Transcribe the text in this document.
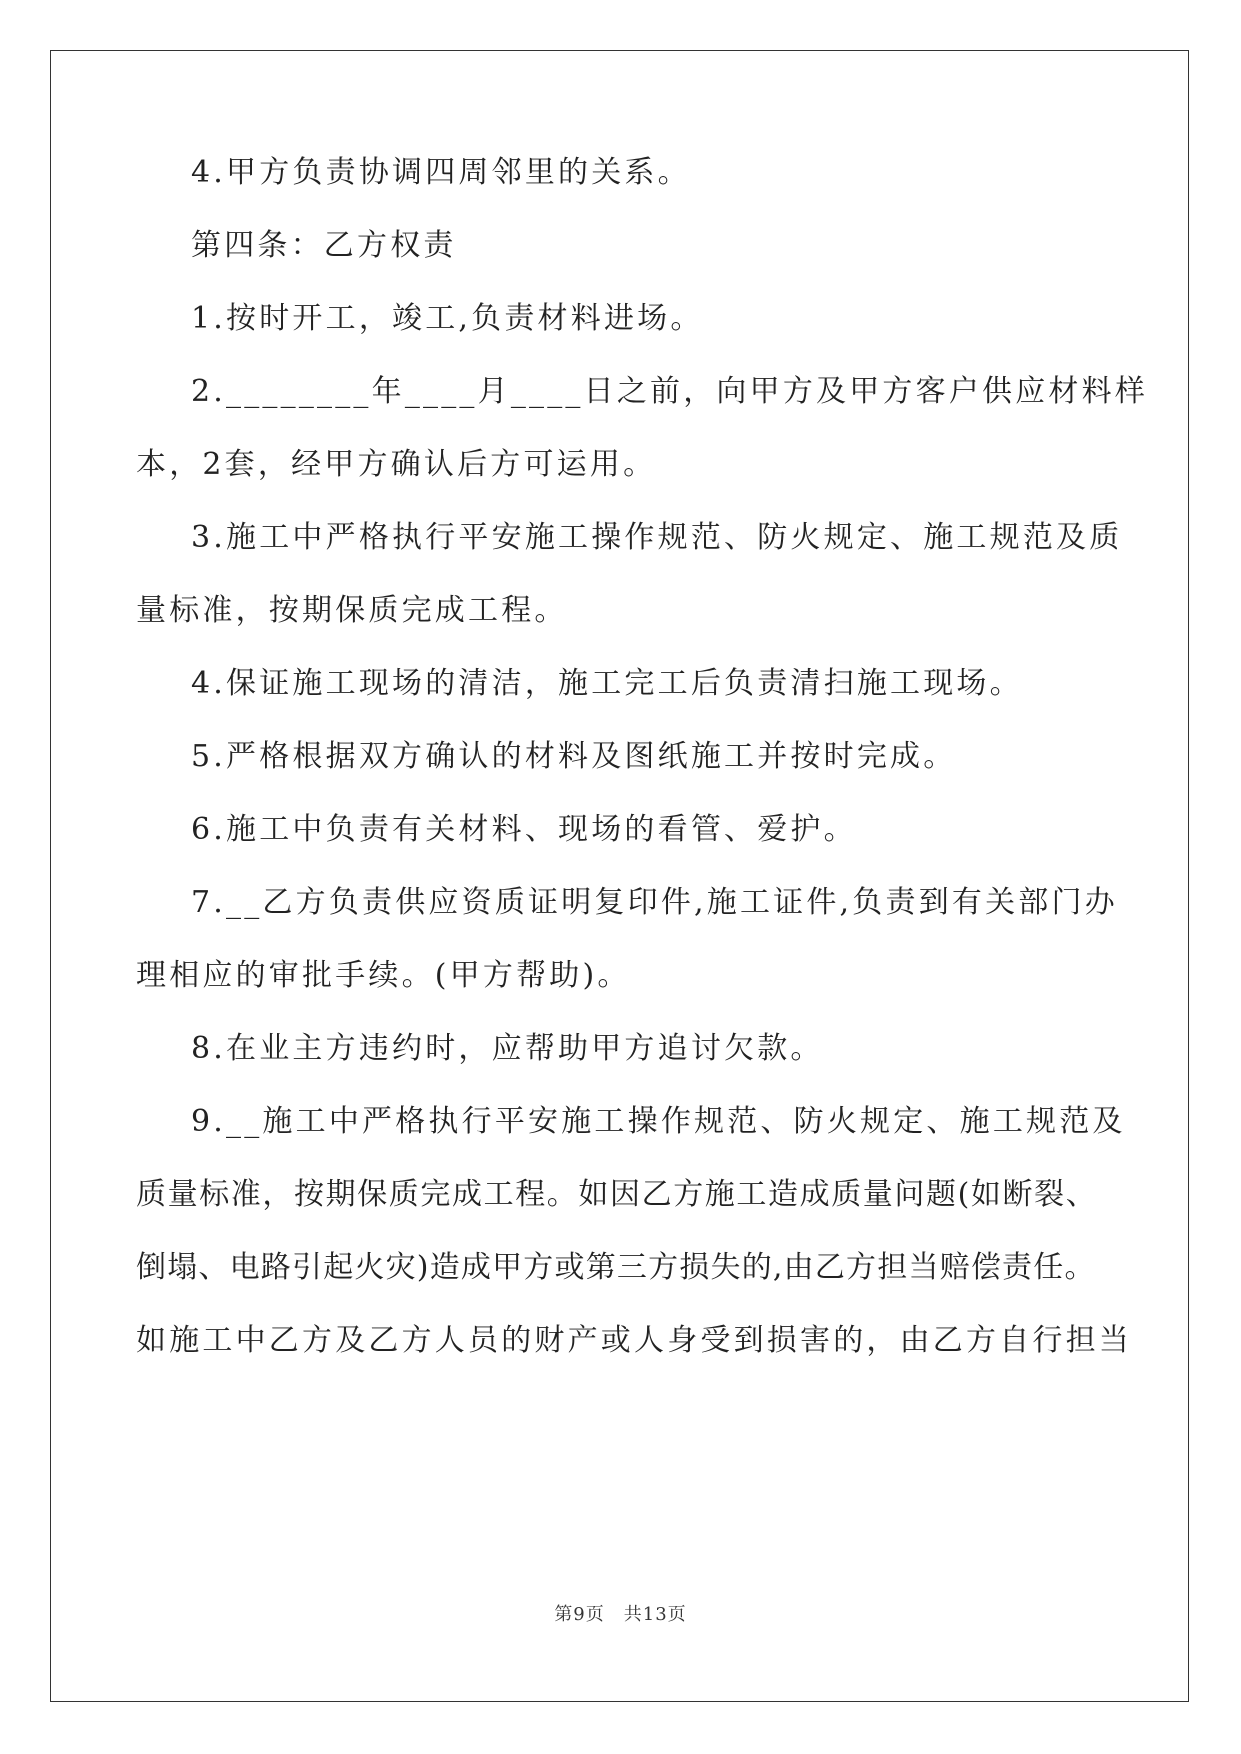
4.甲方负责协调四周邻里的关系。

第四条：乙方权责

1.按时开工，竣工,负责材料进场。

2.________年____月____日之前，向甲方及甲方客户供应材料样

本，2套，经甲方确认后方可运用。

3.施工中严格执行平安施工操作规范、防火规定、施工规范及质

量标准，按期保质完成工程。

4.保证施工现场的清洁，施工完工后负责清扫施工现场。

5.严格根据双方确认的材料及图纸施工并按时完成。

6.施工中负责有关材料、现场的看管、爱护。

7.__乙方负责供应资质证明复印件,施工证件,负责到有关部门办

理相应的审批手续。(甲方帮助)。

8.在业主方违约时，应帮助甲方追讨欠款。

9.__施工中严格执行平安施工操作规范、防火规定、施工规范及

质量标准，按期保质完成工程。如因乙方施工造成质量问题(如断裂、

倒塌、电路引起火灾)造成甲方或第三方损失的,由乙方担当赔偿责任。

如施工中乙方及乙方人员的财产或人身受到损害的，由乙方自行担当

第9页　共13页
